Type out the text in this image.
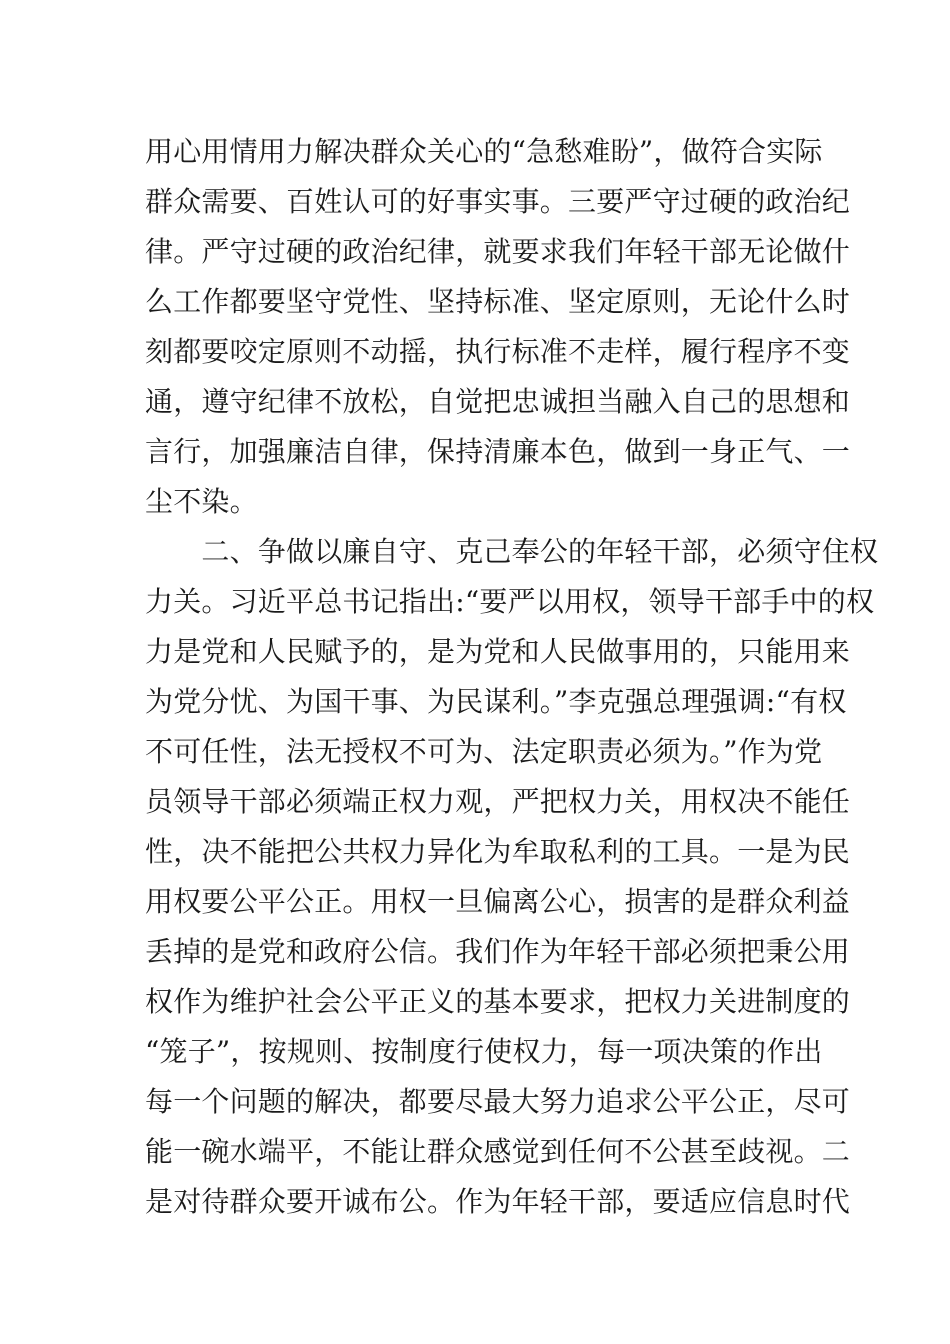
用心用情用力解决群众关心的“急愁难盼”，做符合实际
群众需要、百姓认可的好事实事。三要严守过硬的政治纪
律。严守过硬的政治纪律，就要求我们年轻干部无论做什
么工作都要坚守党性、坚持标准、坚定原则，无论什么时
刻都要咬定原则不动摇，执行标准不走样，履行程序不变
通，遵守纪律不放松，自觉把忠诚担当融入自己的思想和
言行，加强廉洁自律，保持清廉本色，做到一身正气、一
尘不染。
　　二、争做以廉自守、克己奉公的年轻干部，必须守住权
力关。习近平总书记指出:“要严以用权，领导干部手中的权
力是党和人民赋予的，是为党和人民做事用的，只能用来
为党分忧、为国干事、为民谋利。”李克强总理强调:“有权
不可任性，法无授权不可为、法定职责必须为。”作为党
员领导干部必须端正权力观，严把权力关，用权决不能任
性，决不能把公共权力异化为牟取私利的工具。一是为民
用权要公平公正。用权一旦偏离公心，损害的是群众利益
丢掉的是党和政府公信。我们作为年轻干部必须把秉公用
权作为维护社会公平正义的基本要求，把权力关进制度的
“笼子”，按规则、按制度行使权力，每一项决策的作出
每一个问题的解决，都要尽最大努力追求公平公正，尽可
能一碗水端平，不能让群众感觉到任何不公甚至歧视。二
是对待群众要开诚布公。作为年轻干部，要适应信息时代
